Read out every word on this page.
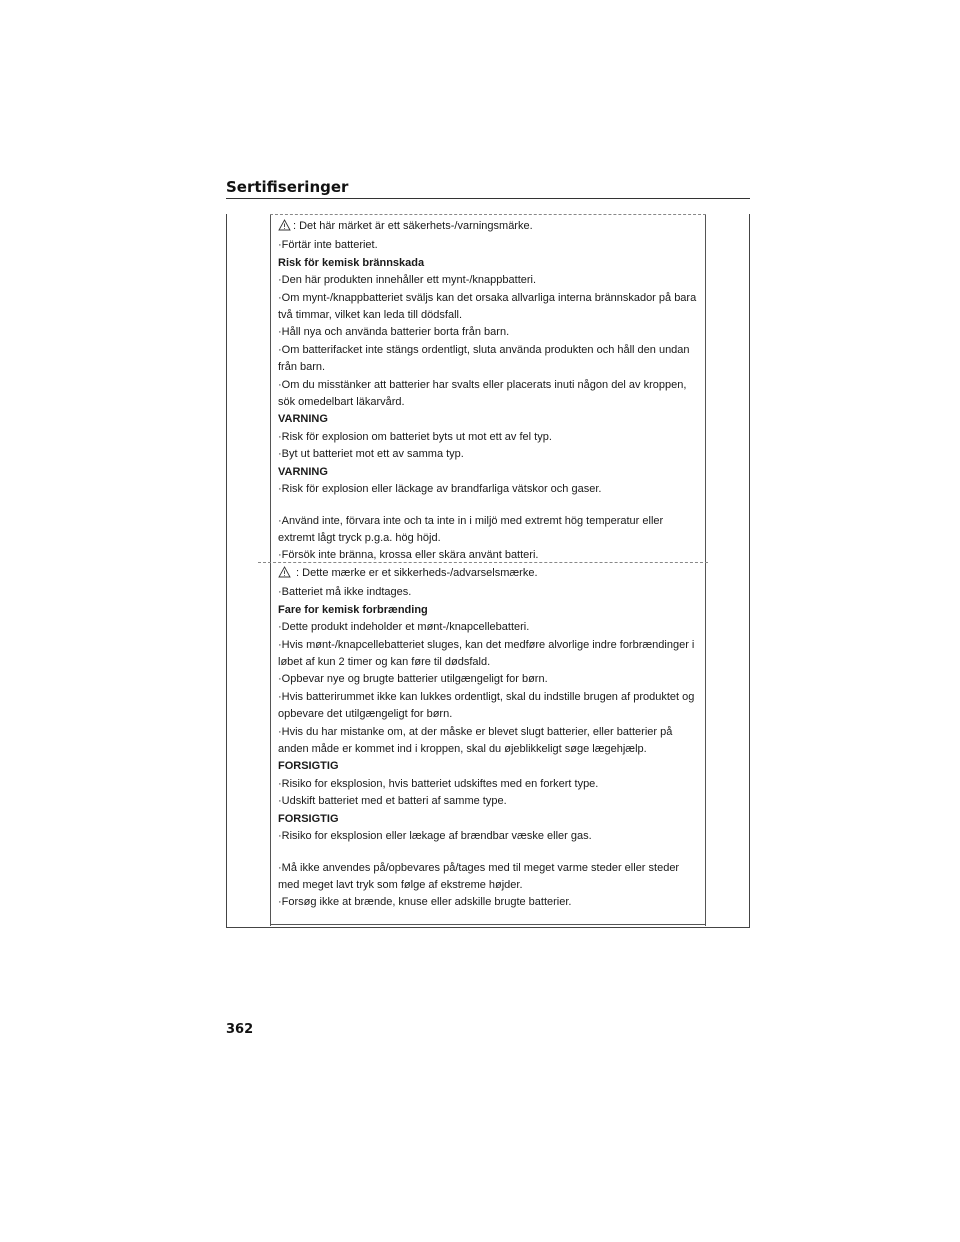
Sertifiseringer

: Det här märket är ett säkerhets-/varningsmärke.

·Förtär inte batteriet.

Risk för kemisk brännskada

·Den här produkten innehåller ett mynt-/knappbatteri.

·Om mynt-/knappbatteriet sväljs kan det orsaka allvarliga interna brännskador på bara två timmar, vilket kan leda till dödsfall.

·Håll nya och använda batterier borta från barn.

·Om batterifacket inte stängs ordentligt, sluta använda produkten och håll den undan från barn.

·Om du misstänker att batterier har svalts eller placerats inuti någon del av kroppen, sök omedelbart läkarvård.

VARNING

·Risk för explosion om batteriet byts ut mot ett av fel typ.

·Byt ut batteriet mot ett av samma typ.

VARNING

·Risk för explosion eller läckage av brandfarliga vätskor och gaser.

·Använd inte, förvara inte och ta inte in i miljö med extremt hög temperatur eller extremt lågt tryck p.g.a. hög höjd.

·Försök inte bränna, krossa eller skära använt batteri.

: Dette mærke er et sikkerheds-/advarselsmærke.

·Batteriet må ikke indtages.

Fare for kemisk forbrænding

·Dette produkt indeholder et mønt-/knapcellebatteri.

·Hvis mønt-/knapcellebatteriet sluges, kan det medføre alvorlige indre forbrændinger i løbet af kun 2 timer og kan føre til dødsfald.

·Opbevar nye og brugte batterier utilgængeligt for børn.

·Hvis batterirummet ikke kan lukkes ordentligt, skal du indstille brugen af produktet og opbevare det utilgængeligt for børn.

·Hvis du har mistanke om, at der måske er blevet slugt batterier, eller batterier på anden måde er kommet ind i kroppen, skal du øjeblikkeligt søge lægehjælp.

FORSIGTIG

·Risiko for eksplosion, hvis batteriet udskiftes med en forkert type.

·Udskift batteriet med et batteri af samme type.

FORSIGTIG

·Risiko for eksplosion eller lækage af brændbar væske eller gas.

·Må ikke anvendes på/opbevares på/tages med til meget varme steder eller steder med meget lavt tryk som følge af ekstreme højder.

·Forsøg ikke at brænde, knuse eller adskille brugte batterier.

362
